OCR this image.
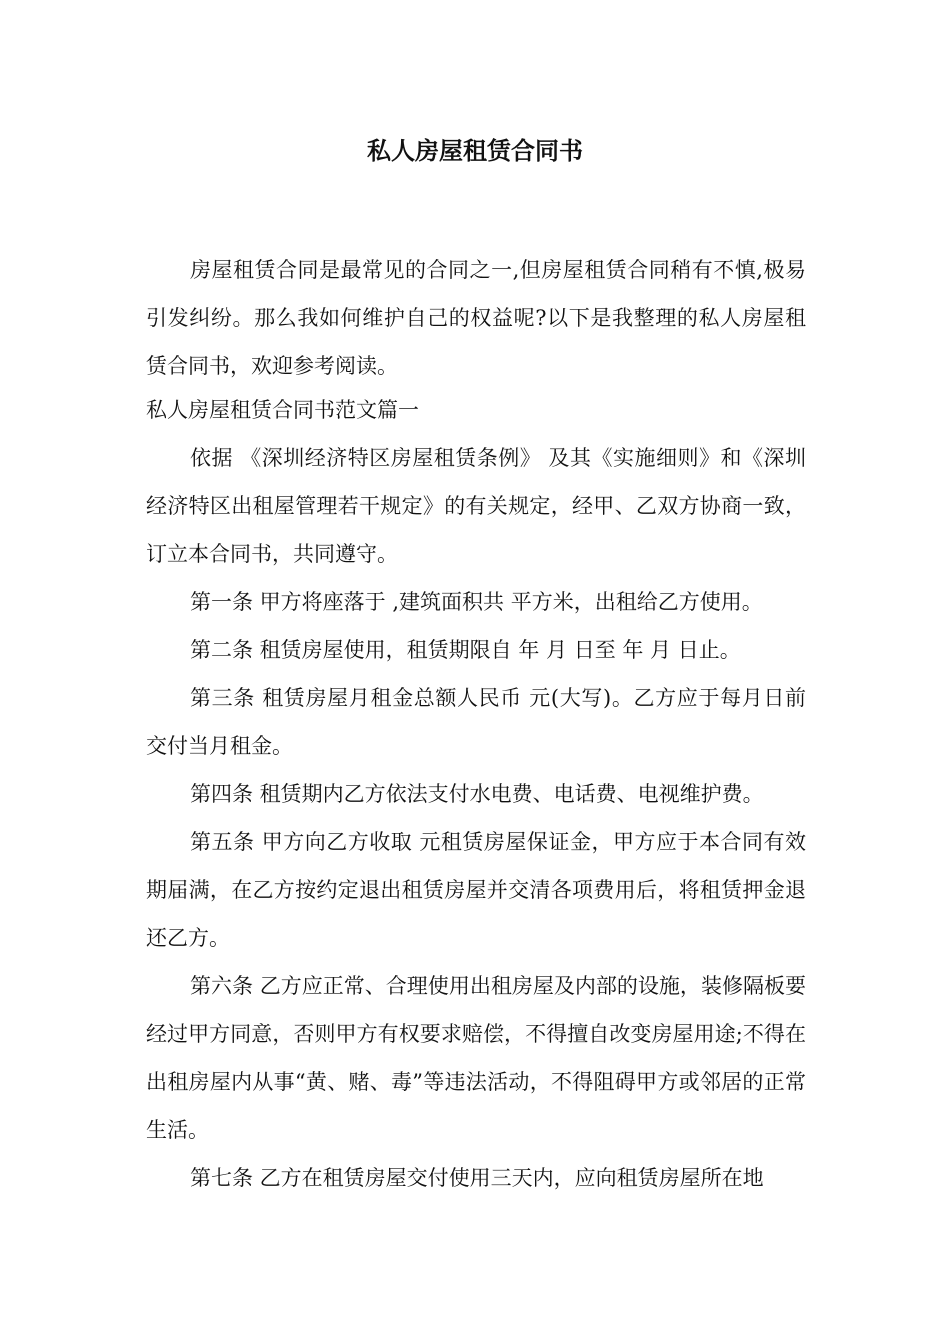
私人房屋租赁合同书

房屋租赁合同是最常见的合同之一,但房屋租赁合同稍有不慎,极易引发纠纷。那么我如何维护自己的权益呢?以下是我整理的私人房屋租赁合同书，欢迎参考阅读。

私人房屋租赁合同书范文篇一

依据 《深圳经济特区房屋租赁条例》 及其《实施细则》和《深圳经济特区出租屋管理若干规定》的有关规定，经甲、乙双方协商一致，订立本合同书，共同遵守。

第一条 甲方将座落于 ,建筑面积共 平方米，出租给乙方使用。

第二条 租赁房屋使用，租赁期限自 年 月 日至 年 月 日止。

第三条 租赁房屋月租金总额人民币 元(大写)。乙方应于每月日前交付当月租金。

第四条 租赁期内乙方依法支付水电费、电话费、电视维护费。

第五条 甲方向乙方收取 元租赁房屋保证金，甲方应于本合同有效期届满，在乙方按约定退出租赁房屋并交清各项费用后，将租赁押金退还乙方。

第六条 乙方应正常、合理使用出租房屋及内部的设施，装修隔板要经过甲方同意，否则甲方有权要求赔偿，不得擅自改变房屋用途;不得在出租房屋内从事“黄、赌、毒”等违法活动，不得阻碍甲方或邻居的正常生活。

第七条 乙方在租赁房屋交付使用三天内，应向租赁房屋所在地
